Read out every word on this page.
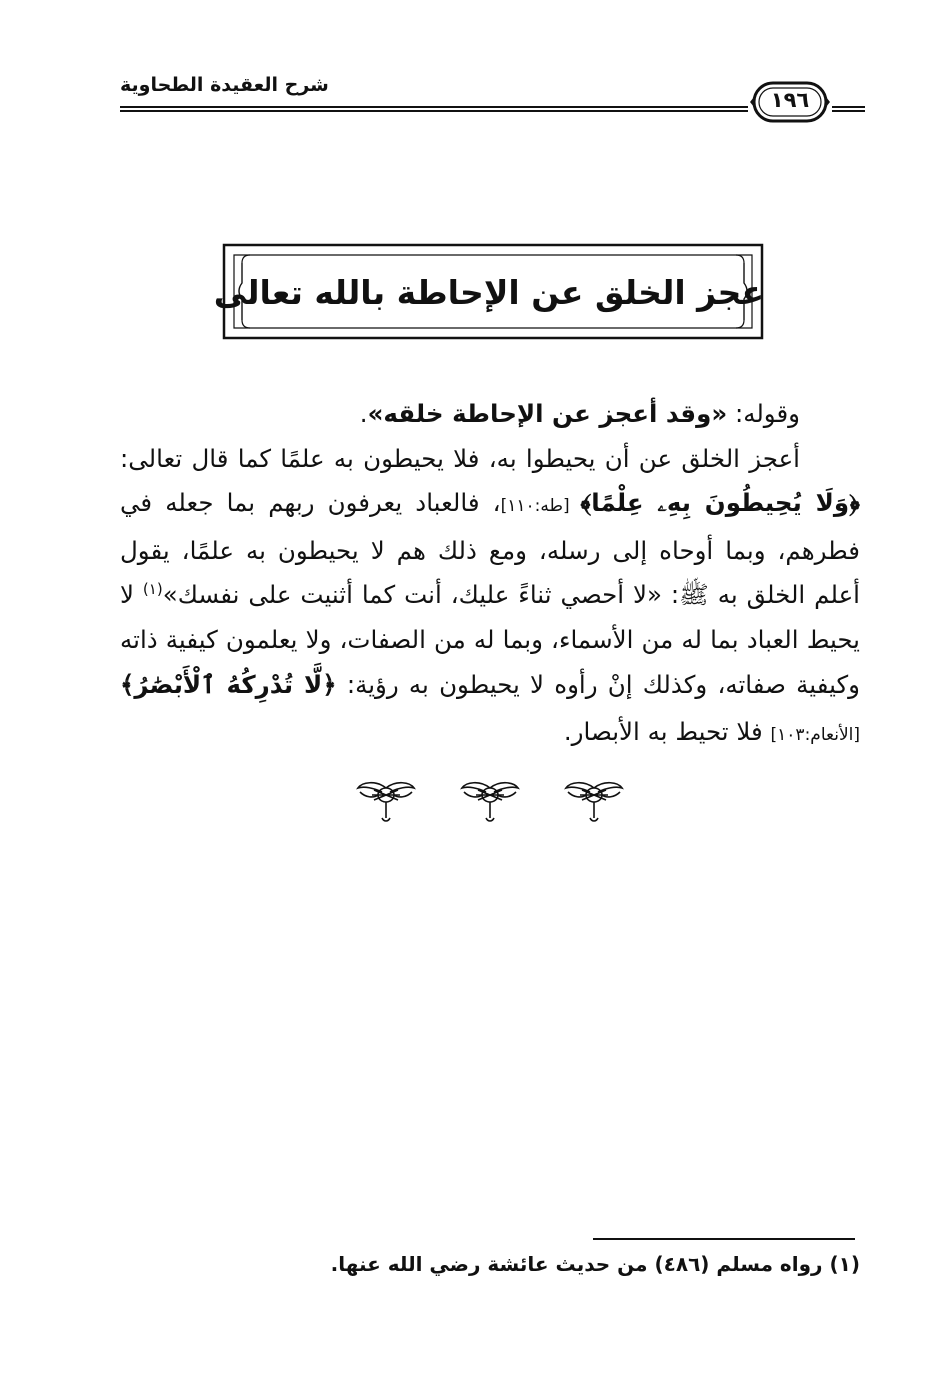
شرح العقيدة الطحاوية
١٩٦
عجز الخلق عن الإحاطة بالله تعالى

وقوله: «وقد أعجز عن الإحاطة خلقه».

أعجز الخلق عن أن يحيطوا به، فلا يحيطون به علمًا كما قال تعالى: ﴿وَلَا يُحِيطُونَ بِهِۦ عِلْمًا﴾ [طه:١١٠]، فالعباد يعرفون ربهم بما جعله في فطرهم، وبما أوحاه إلى رسله، ومع ذلك هم لا يحيطون به علمًا، يقول أعلم الخلق به ﷺ: «لا أحصي ثناءً عليك، أنت كما أثنيت على نفسك»$^{(١)}$ لا يحيط العباد بما له من الأسماء، وبما له من الصفات، ولا يعلمون كيفية ذاته وكيفية صفاته، وكذلك إنْ رأوه لا يحيطون به رؤية: ﴿لَّا تُدْرِكُهُ ٱلْأَبْصَٰرُ﴾ [الأنعام:١٠٣] فلا تحيط به الأبصار.

(١) رواه مسلم (٤٨٦) من حديث عائشة رضي الله عنها.
